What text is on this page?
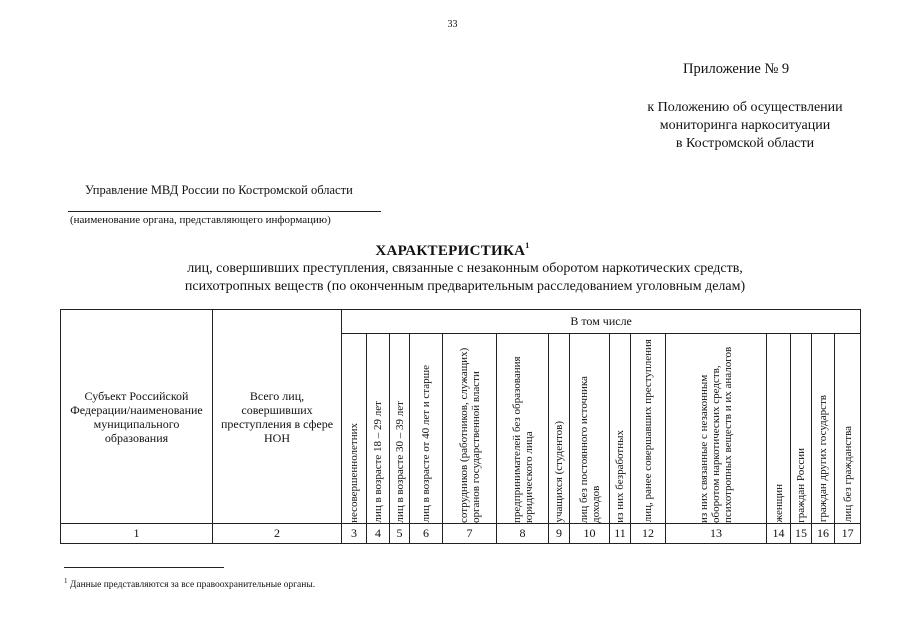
33
Приложение № 9
к Положению об осуществлении
мониторинга наркоситуации
в Костромской области
Управление МВД России по Костромской области
(наименование органа, представляющего информацию)
ХАРАКТЕРИСТИКА$^1$
лиц, совершивших преступления, связанные с незаконным оборотом наркотических средств,
психотропных веществ (по оконченным предварительным расследованием уголовным делам)
Субъект Российской Федерации/наименование муниципального образования	Всего лиц, совершивших преступления в сфере НОН	В том числе														

		несовершеннолетних	лиц в возрасте 18 – 29 лет	лиц в возрасте 30 – 39 лет	лиц в возрасте от 40 лет и старше	сотрудников (работников, служащих) органов государственной власти	предпринимателей без образования юридического лица	учащихся (студентов)	лиц без постоянного источника доходов	из них безработных	лиц, ранее совершавших преступления	из них связанные с незаконным оборотом наркотических средств, психотропных веществ и их аналогов	женщин	граждан России	граждан других государств	лиц без гражданства

1	2	3	4	5	6	7	8	9	10	11	12	13	14	15	16	17
$^1$ Данные представляются за все правоохранительные органы.
